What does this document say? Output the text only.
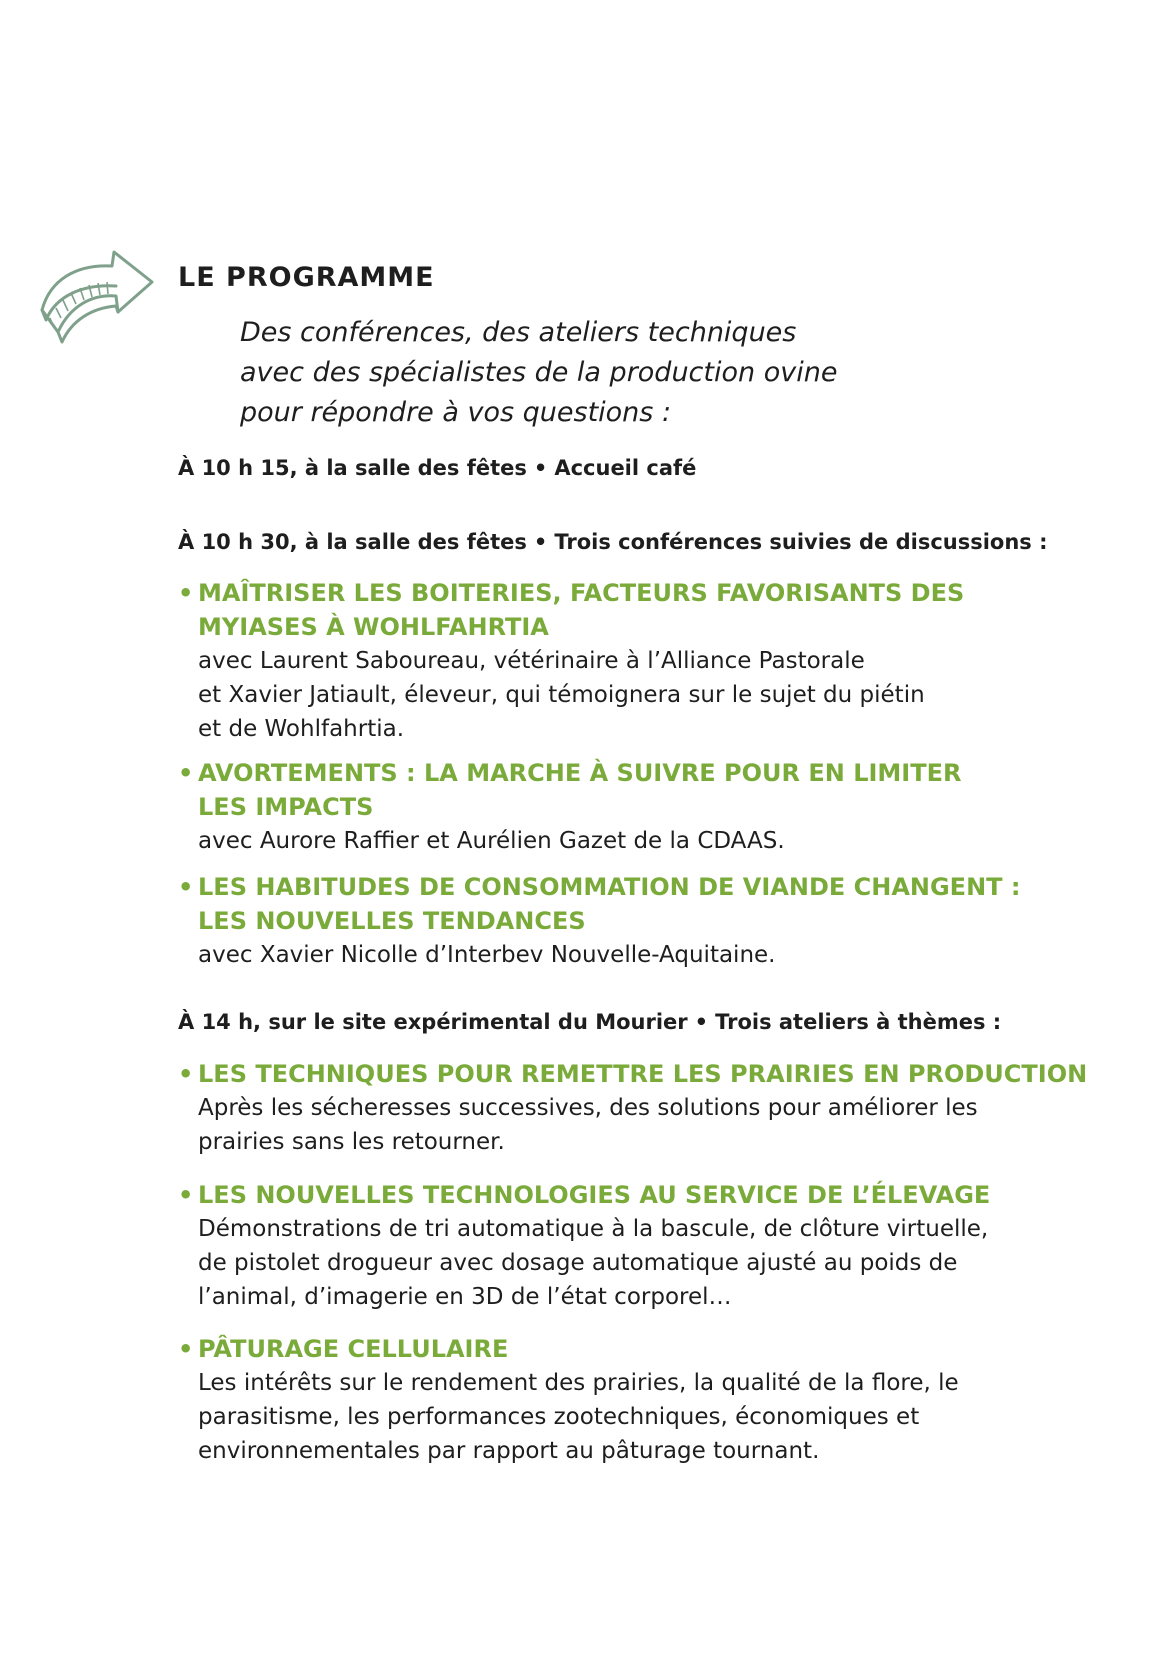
LE PROGRAMME
Des conférences, des ateliers techniques
avec des spécialistes de la production ovine
pour répondre à vos questions :
À 10 h 15, à la salle des fêtes • Accueil café
À 10 h 30, à la salle des fêtes • Trois conférences suivies de discussions :
• MAÎTRISER LES BOITERIES, FACTEURS FAVORISANTS DES
MYIASES À WOHLFAHRTIA
avec Laurent Saboureau, vétérinaire à l’Alliance Pastorale
et Xavier Jatiault, éleveur, qui témoignera sur le sujet du piétin
et de Wohlfahrtia.
• AVORTEMENTS : LA MARCHE À SUIVRE POUR EN LIMITER
LES IMPACTS
avec Aurore Raffier et Aurélien Gazet de la CDAAS.
• LES HABITUDES DE CONSOMMATION DE VIANDE CHANGENT :
LES NOUVELLES TENDANCES
avec Xavier Nicolle d’Interbev Nouvelle-Aquitaine.
À 14 h, sur le site expérimental du Mourier • Trois ateliers à thèmes :
• LES TECHNIQUES POUR REMETTRE LES PRAIRIES EN PRODUCTION
Après les sécheresses successives, des solutions pour améliorer les
prairies sans les retourner.
• LES NOUVELLES TECHNOLOGIES AU SERVICE DE L’ÉLEVAGE
Démonstrations de tri automatique à la bascule, de clôture virtuelle,
de pistolet drogueur avec dosage automatique ajusté au poids de
l’animal, d’imagerie en 3D de l’état corporel…
• PÂTURAGE CELLULAIRE
Les intérêts sur le rendement des prairies, la qualité de la flore, le
parasitisme, les performances zootechniques, économiques et
environnementales par rapport au pâturage tournant.
